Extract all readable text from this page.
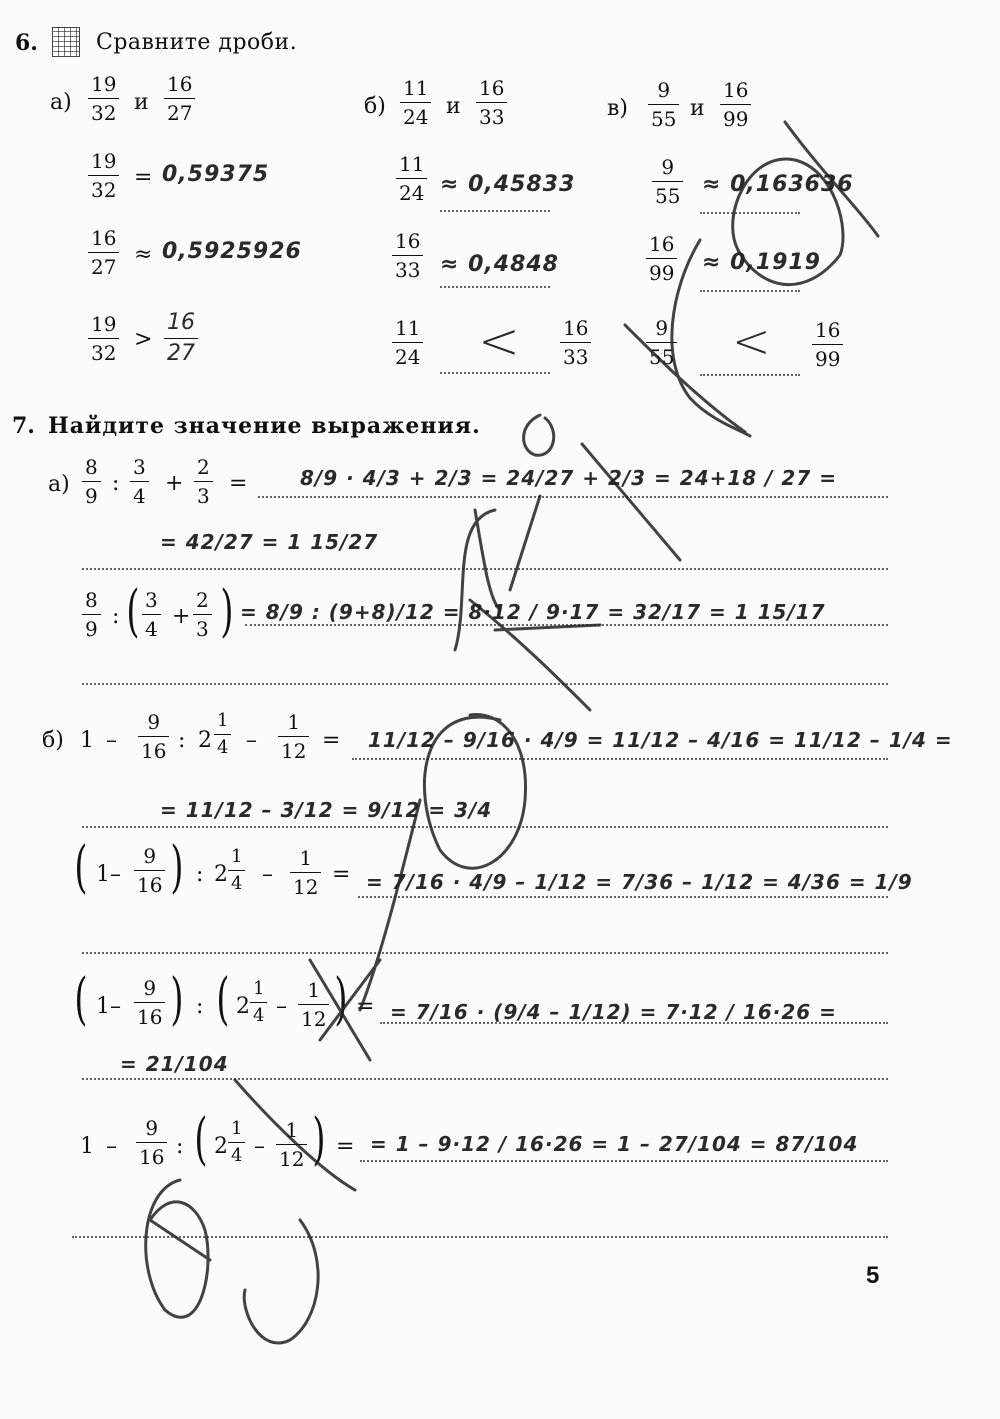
6.	Сравните дроби.
$а) \frac{19}{32}$ и $\frac{16}{27}$
$\frac{19}{32} = 0,59375$
$\frac{16}{27} \approx 0,5925926$
$\frac{19}{32} > \frac{16}{27}$
$б) \frac{11}{24}$ и $\frac{16}{33}$
$\frac{11}{24} \approx 0,45833$
$\frac{16}{33} \approx 0,4848$
$\frac{11}{24} < \frac{16}{33}$
$в) \frac{9}{55}$ и $\frac{16}{99}$
$\frac{9}{55} \approx 0,163636$
$\frac{16}{99} \approx 0,1919$
$\frac{9}{55} < \frac{16}{99}$
7. Найдите значение выражения.
$а) \frac{8}{9}$ : $\frac{3}{4} + \frac{2}{3}$ =	8/9 · 4/3 + 2/3 = 24/27 + 2/3 = 24+18 / 27 =
= 42/27 = 1 15/27
$\frac{8}{9}$ : ( $\frac{3}{4} + \frac{2}{3}$ ) = 8/9 : (9+8)/12 = 8·12 / 9·17 = 32/17 = 1 15/17
б) $1 - \frac{9}{16}$ : $2 \frac{1}{4} - \frac{1}{12} = 11/12 - 9/16 \cdot 4/9 = 11/12 - 4/16 = 11/12 - 1/4$ =
= 11/12 – 3/12 = 9/12 = 3/4
( $1- \frac{9}{16}$ ) : $2 \frac{1}{4} - \frac{1}{12}$ = = 7/16 · 4/9 – 1/12 = 7/36 – 1/12 = 4/36 = 1/9
( $1- \frac{9}{16}$ ) : ( $2 \frac{1}{4} - \frac{1}{12}$ ) = = 7/16 · (9/4 – 1/12) = 7·12 / 16·26 =
= 21/104
$1 - \frac{9}{16}$ : ( $2 \frac{1}{4} - \frac{1}{12}$ ) = = 1 – 9·12 / 16·26 = 1 – 27/104 = 87/104
5
